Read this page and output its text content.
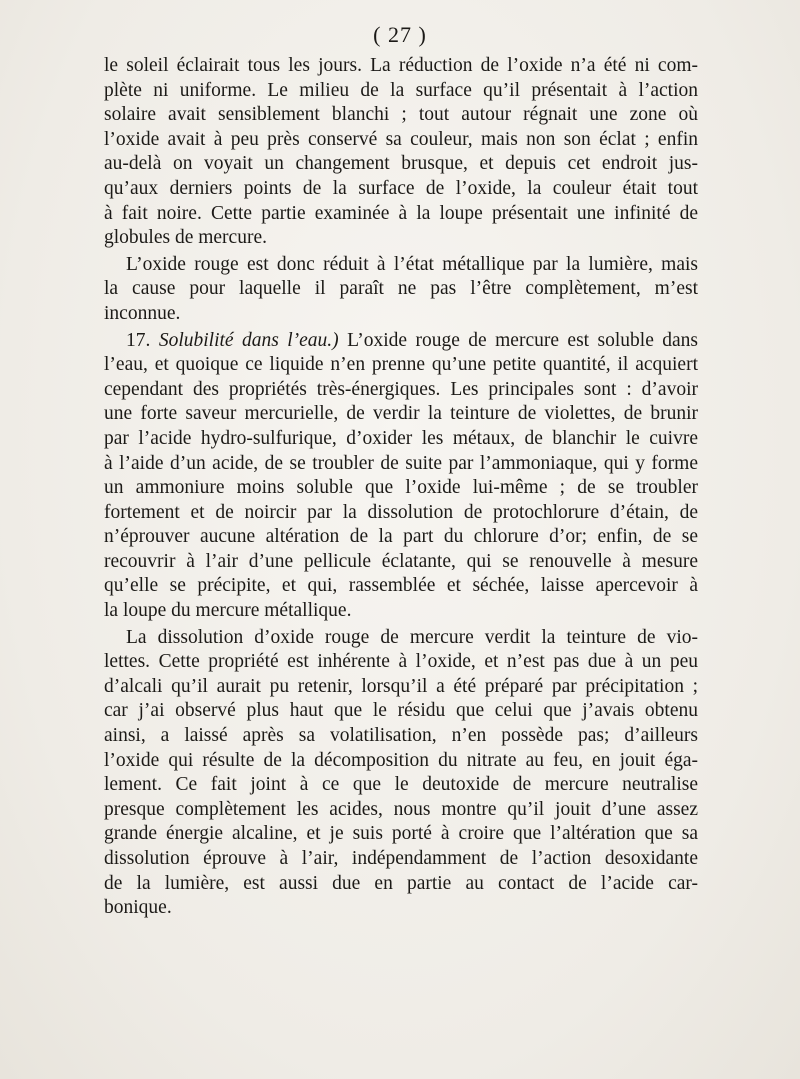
( 27 )
le soleil éclairait tous les jours. La réduction de l’oxide n’a été ni com-
plète ni uniforme. Le milieu de la surface qu’il présentait à l’action
solaire avait sensiblement blanchi ; tout autour régnait une zone où
l’oxide avait à peu près conservé sa couleur, mais non son éclat ; enfin
au-delà on voyait un changement brusque, et depuis cet endroit jus-
qu’aux derniers points de la surface de l’oxide, la couleur était tout
à fait noire. Cette partie examinée à la loupe présentait une infinité de
globules de mercure.
L’oxide rouge est donc réduit à l’état métallique par la lumière, mais
la cause pour laquelle il paraît ne pas l’être complètement, m’est
inconnue.
17. Solubilité dans l’eau.) L’oxide rouge de mercure est soluble dans
l’eau, et quoique ce liquide n’en prenne qu’une petite quantité, il acquiert
cependant des propriétés très-énergiques. Les principales sont : d’avoir
une forte saveur mercurielle, de verdir la teinture de violettes, de brunir
par l’acide hydro-sulfurique, d’oxider les métaux, de blanchir le cuivre
à l’aide d’un acide, de se troubler de suite par l’ammoniaque, qui y forme
un ammoniure moins soluble que l’oxide lui-même ; de se troubler
fortement et de noircir par la dissolution de protochlorure d’étain, de
n’éprouver aucune altération de la part du chlorure d’or; enfin, de se
recouvrir à l’air d’une pellicule éclatante, qui se renouvelle à mesure
qu’elle se précipite, et qui, rassemblée et séchée, laisse apercevoir à
la loupe du mercure métallique.
La dissolution d’oxide rouge de mercure verdit la teinture de vio-
lettes. Cette propriété est inhérente à l’oxide, et n’est pas due à un peu
d’alcali qu’il aurait pu retenir, lorsqu’il a été préparé par précipitation ;
car j’ai observé plus haut que le résidu que celui que j’avais obtenu
ainsi, a laissé après sa volatilisation, n’en possède pas; d’ailleurs
l’oxide qui résulte de la décomposition du nitrate au feu, en jouit éga-
lement. Ce fait joint à ce que le deutoxide de mercure neutralise
presque complètement les acides, nous montre qu’il jouit d’une assez
grande énergie alcaline, et je suis porté à croire que l’altération que sa
dissolution éprouve à l’air, indépendamment de l’action desoxidante
de la lumière, est aussi due en partie au contact de l’acide car-
bonique.
